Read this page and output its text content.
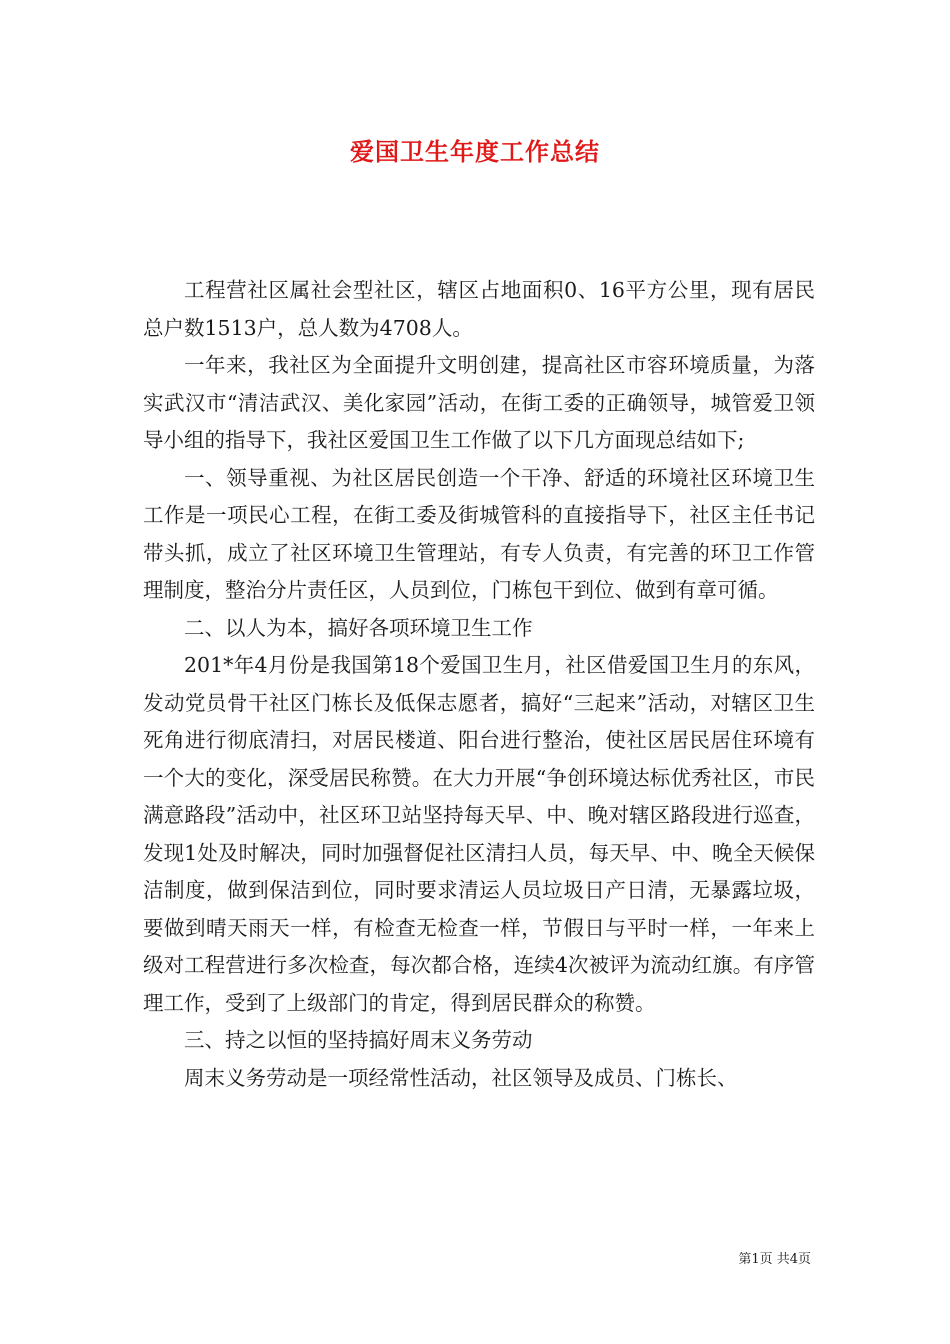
爱国卫生年度工作总结

工程营社区属社会型社区，辖区占地面积0、16平方公里，现有居民总户数1513户，总人数为4708人。

一年来，我社区为全面提升文明创建，提高社区市容环境质量，为落实武汉市“清洁武汉、美化家园”活动，在街工委的正确领导，城管爱卫领导小组的指导下，我社区爱国卫生工作做了以下几方面现总结如下;

一、领导重视、为社区居民创造一个干净、舒适的环境社区环境卫生工作是一项民心工程，在街工委及街城管科的直接指导下，社区主任书记带头抓，成立了社区环境卫生管理站，有专人负责，有完善的环卫工作管理制度，整治分片责任区，人员到位，门栋包干到位、做到有章可循。

二、以人为本，搞好各项环境卫生工作

201*年4月份是我国第18个爱国卫生月，社区借爱国卫生月的东风，发动党员骨干社区门栋长及低保志愿者，搞好“三起来”活动，对辖区卫生死角进行彻底清扫，对居民楼道、阳台进行整治，使社区居民居住环境有一个大的变化，深受居民称赞。在大力开展“争创环境达标优秀社区，市民满意路段”活动中，社区环卫站坚持每天早、中、晚对辖区路段进行巡查，发现1处及时解决，同时加强督促社区清扫人员，每天早、中、晚全天候保洁制度，做到保洁到位，同时要求清运人员垃圾日产日清，无暴露垃圾，要做到晴天雨天一样，有检查无检查一样，节假日与平时一样，一年来上级对工程营进行多次检查，每次都合格，连续4次被评为流动红旗。有序管理工作，受到了上级部门的肯定，得到居民群众的称赞。

三、持之以恒的坚持搞好周末义务劳动

周末义务劳动是一项经常性活动，社区领导及成员、门栋长、

第1页 共4页
